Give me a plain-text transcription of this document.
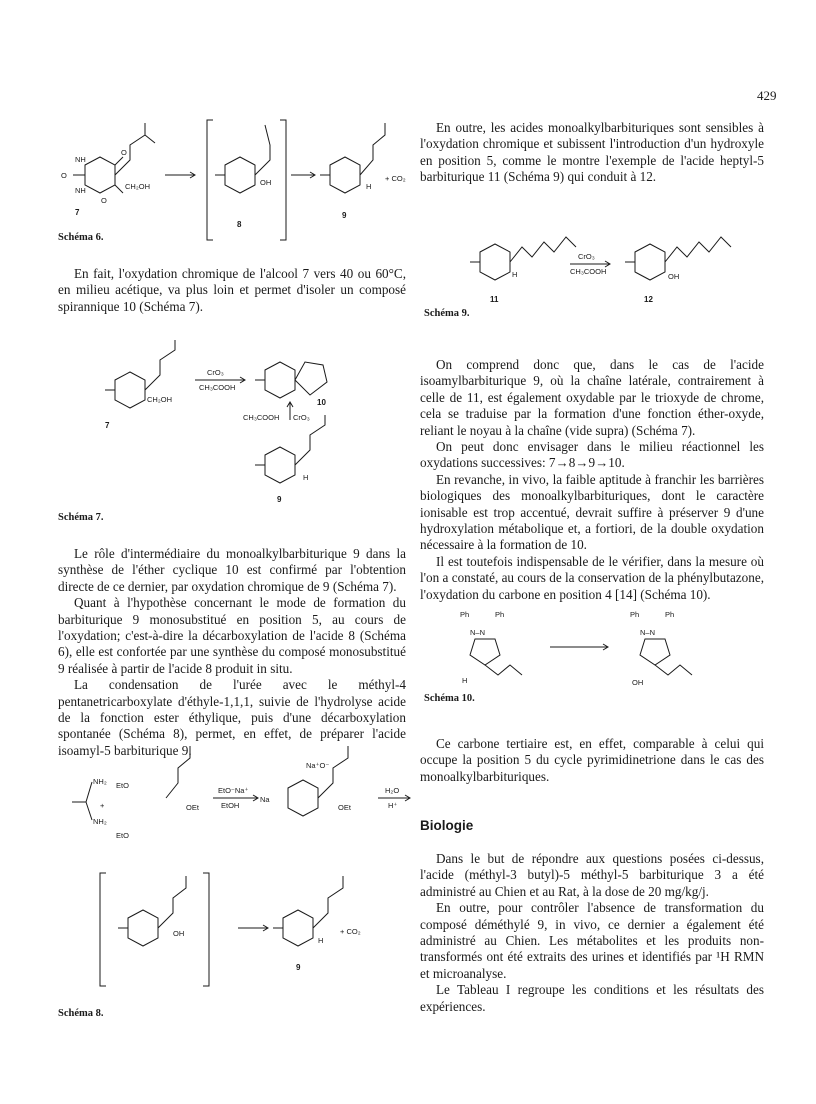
429
O
O
O
NH
NH	CH₂OH
7
OH
8
H
+ CO₂
9
Schéma 6.

En fait, l'oxydation chromique de l'alcool 7 vers 40 ou 60°C, en milieu acétique, va plus loin et permet d'isoler un composé spirannique 10 (Schéma 7).

CH₂OH
7
CrO₃
CH₃COOH
10
CH₃COOH CrO₃
H
9
Schéma 7.

Le rôle d'intermédiaire du monoalkylbarbiturique 9 dans la synthèse de l'éther cyclique 10 est confirmé par l'obtention directe de ce dernier, par oxydation chromique de 9 (Schéma 7).

Quant à l'hypothèse concernant le mode de formation du barbiturique 9 monosubstitué en position 5, au cours de l'oxydation; c'est-à-dire la décarboxylation de l'acide 8 (Schéma 6), elle est confortée par une synthèse du composé monosubstitué 9 réalisée à partir de l'acide 8 produit in situ.

La condensation de l'urée avec le méthyl-4 pentanetricarboxylate d'éthyle-1,1,1, suivie de l'hydrolyse acide de la fonction ester éthylique, puis d'une décarboxylation spontanée (Schéma 8), permet, en effet, de préparer l'acide isoamyl-5 barbiturique 9.

NH₂
NH₂
+
EtO
EtO
OEt
EtO⁻Na⁺
EtOH
Na
Na⁺O⁻
OEt
H₂O
H⁺
OH
H
+ CO₂
9
Schéma 8.

En outre, les acides monoalkylbarbituriques sont sensibles à l'oxydation chromique et subissent l'introduction d'un hydroxyle en position 5, comme le montre l'exemple de l'acide heptyl-5 barbiturique 11 (Schéma 9) qui conduit à 12.

H
11
CrO₃
CH₃COOH
OH
12
Schéma 9.

On comprend donc que, dans le cas de l'acide isoamylbarbiturique 9, où la chaîne latérale, contrairement à celle de 11, est également oxydable par le trioxyde de chrome, cela se traduise par la formation d'une fonction éther-oxyde, reliant le noyau à la chaîne (vide supra) (Schéma 7).

On peut donc envisager dans le milieu réactionnel les oxydations successives: 7→8→9→10.

En revanche, in vivo, la faible aptitude à franchir les barrières biologiques des monoalkylbarbituriques, dont le caractère ionisable est trop accentué, devrait suffire à préserver 9 d'une hydroxylation métabolique et, a fortiori, de la double oxydation nécessaire à la formation de 10.

Il est toutefois indispensable de le vérifier, dans la mesure où l'on a constaté, au cours de la conservation de la phénylbutazone, l'oxydation du carbone en position 4 [14] (Schéma 10).

Ph	Ph
N–N
H
Ph	Ph
N–N
OH
Schéma 10.

Ce carbone tertiaire est, en effet, comparable à celui qui occupe la position 5 du cycle pyrimidinetrione dans le cas des monoalkylbarbituriques.

Biologie

Dans le but de répondre aux questions posées ci-dessus, l'acide (méthyl-3 butyl)-5 méthyl-5 barbiturique 3 a été administré au Chien et au Rat, à la dose de 20 mg/kg/j.

En outre, pour contrôler l'absence de transformation du composé déméthylé 9, in vivo, ce dernier a également été administré au Chien. Les métabolites et les produits non-transformés ont été extraits des urines et identifiés par ¹H RMN et microanalyse.

Le Tableau I regroupe les conditions et les résultats des expériences.
